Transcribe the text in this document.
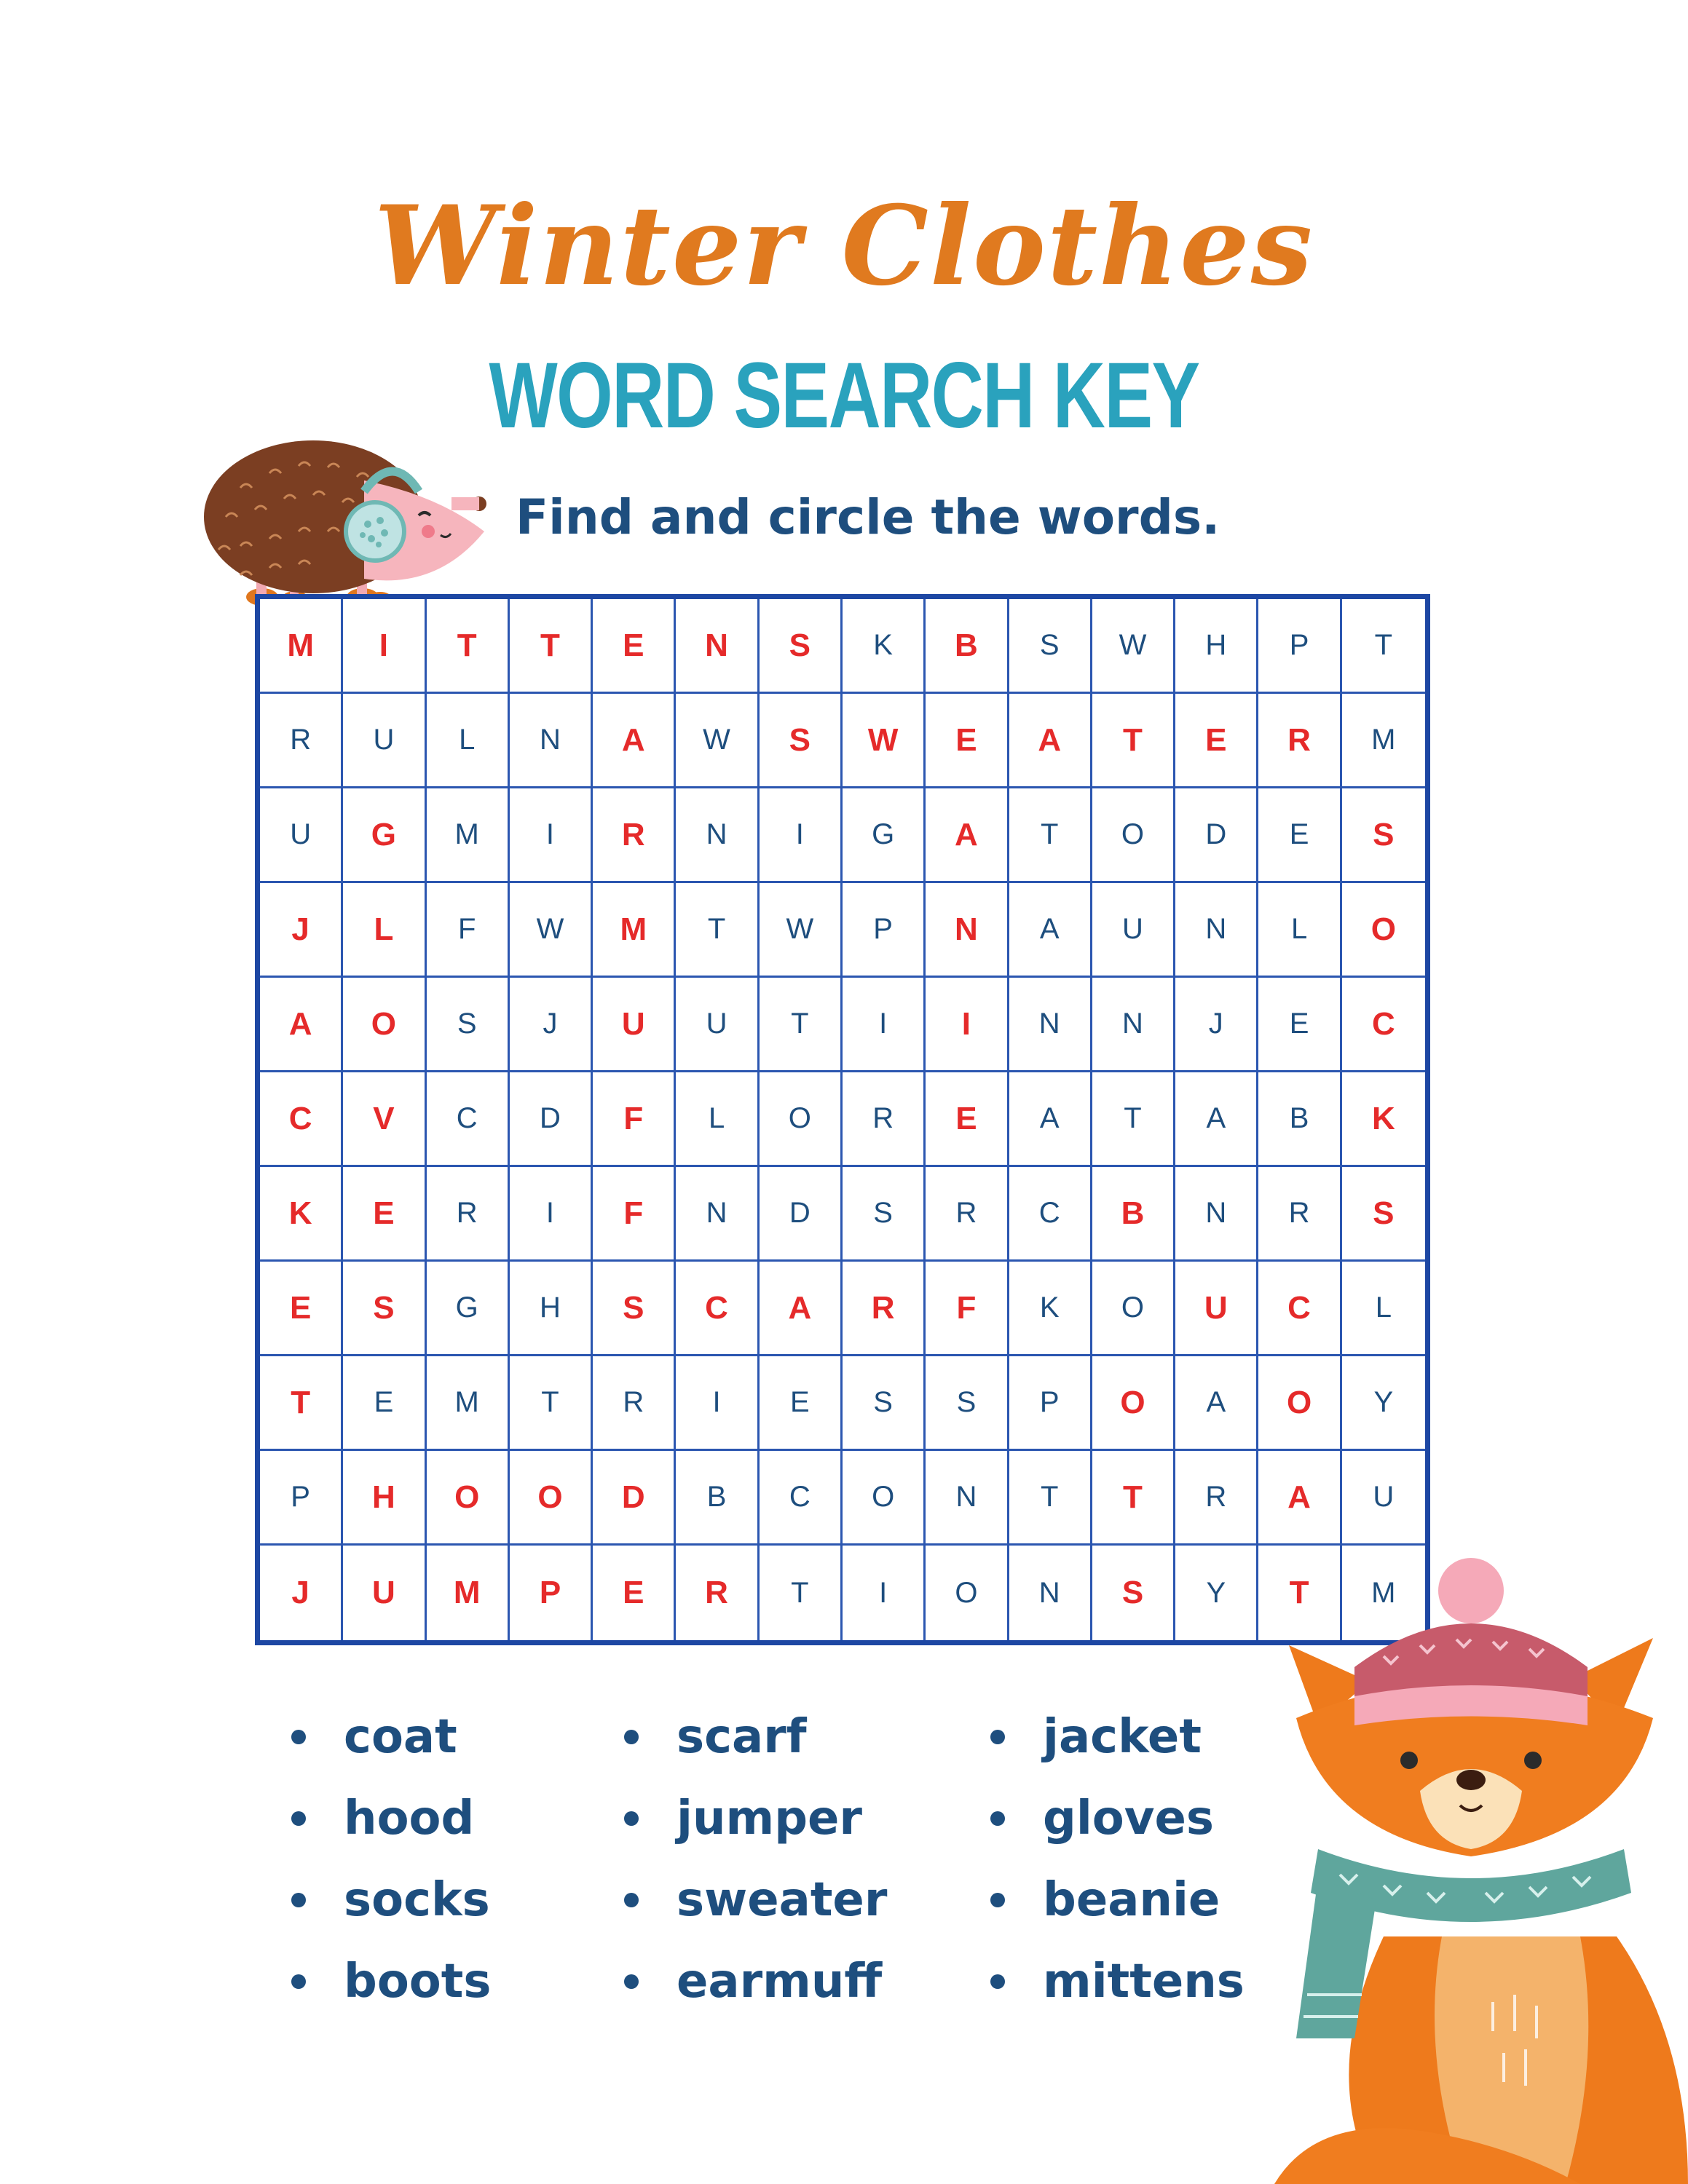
Winter Clothes
WORD SEARCH KEY
Find and circle the words.
M	I	T	T	E	N	S	K	B	S	W	H	P	T
R	U	L	N	A	W	S	W	E	A	T	E	R	M
U	G	M	I	R	N	I	G	A	T	O	D	E	S
J	L	F	W	M	T	W	P	N	A	U	N	L	O
A	O	S	J	U	U	T	I	I	N	N	J	E	C
C	V	C	D	F	L	O	R	E	A	T	A	B	K
K	E	R	I	F	N	D	S	R	C	B	N	R	S
E	S	G	H	S	C	A	R	F	K	O	U	C	L
T	E	M	T	R	I	E	S	S	P	O	A	O	Y
P	H	O	O	D	B	C	O	N	T	T	R	A	U
J	U	M	P	E	R	T	I	O	N	S	Y	T	M
coat
hood
socks
boots
scarf
jumper
sweater
earmuff
jacket
gloves
beanie
mittens
